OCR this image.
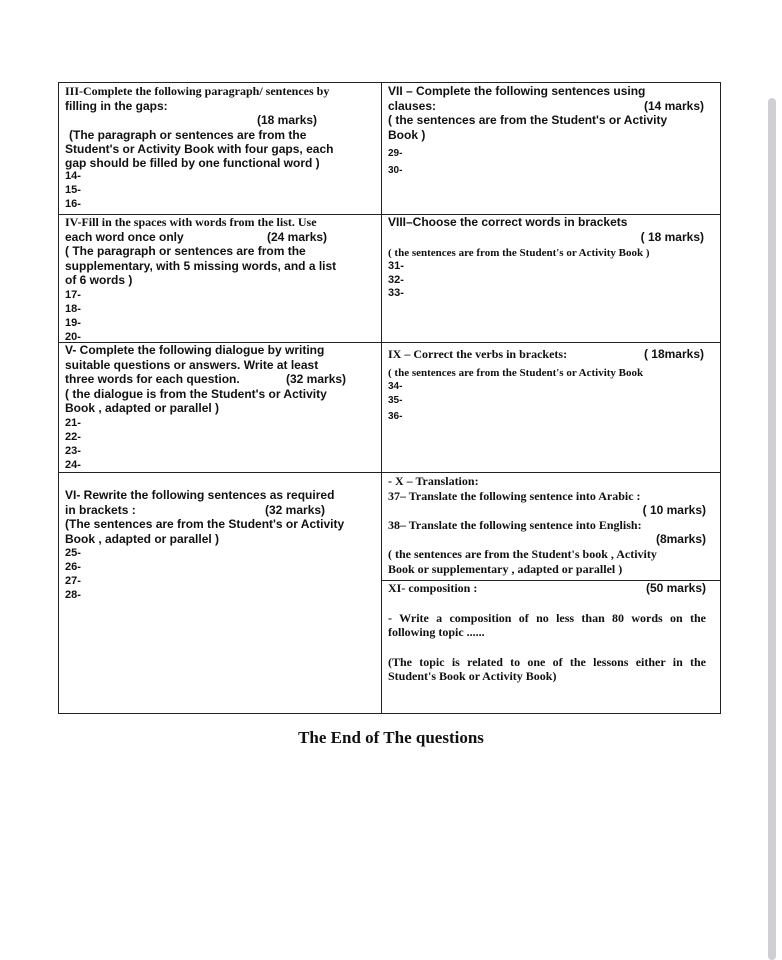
III-Complete the following paragraph/ sentences by
filling in the gaps:
(18 marks)
(The paragraph or sentences are from the
Student's or Activity Book with four gaps, each
gap should be filled by one functional word )
14-
15-
16-
VII – Complete the following sentences using
clauses:	(14 marks)
( the sentences are from the Student's or Activity
Book )
29-
30-
IV-Fill in the spaces with words from the list. Use
each word once only	(24 marks)
( The paragraph or sentences are from the
supplementary, with 5 missing words, and a list
of 6 words )
17-
18-
19-
20-
VIII–Choose the correct words in brackets
( 18 marks)
( the sentences are from the Student's or Activity Book )
31-
32-
33-
V- Complete the following dialogue by writing
suitable questions or answers. Write at least
three words for each question.	(32 marks)
( the dialogue is from the Student's or Activity
Book , adapted or parallel )
21-
22-
23-
24-
IX – Correct the verbs in brackets:	( 18marks)
( the sentences are from the Student's or Activity Book
34-
35-
36-
VI- Rewrite the following sentences as required
in brackets :	(32 marks)
(The sentences are from the Student's or Activity
Book , adapted or parallel )
25-
26-
27-
28-
- X – Translation:
37– Translate the following sentence into Arabic :
( 10 marks)
38– Translate the following sentence into English:
(8marks)
( the sentences are from the Student's book , Activity
Book or supplementary , adapted or parallel )
XI- composition :	(50 marks)
- Write a composition of no less than 80 words on the
following topic ......
(The topic is related to one of the lessons either in the
Student's Book or Activity Book)
The End of The questions
